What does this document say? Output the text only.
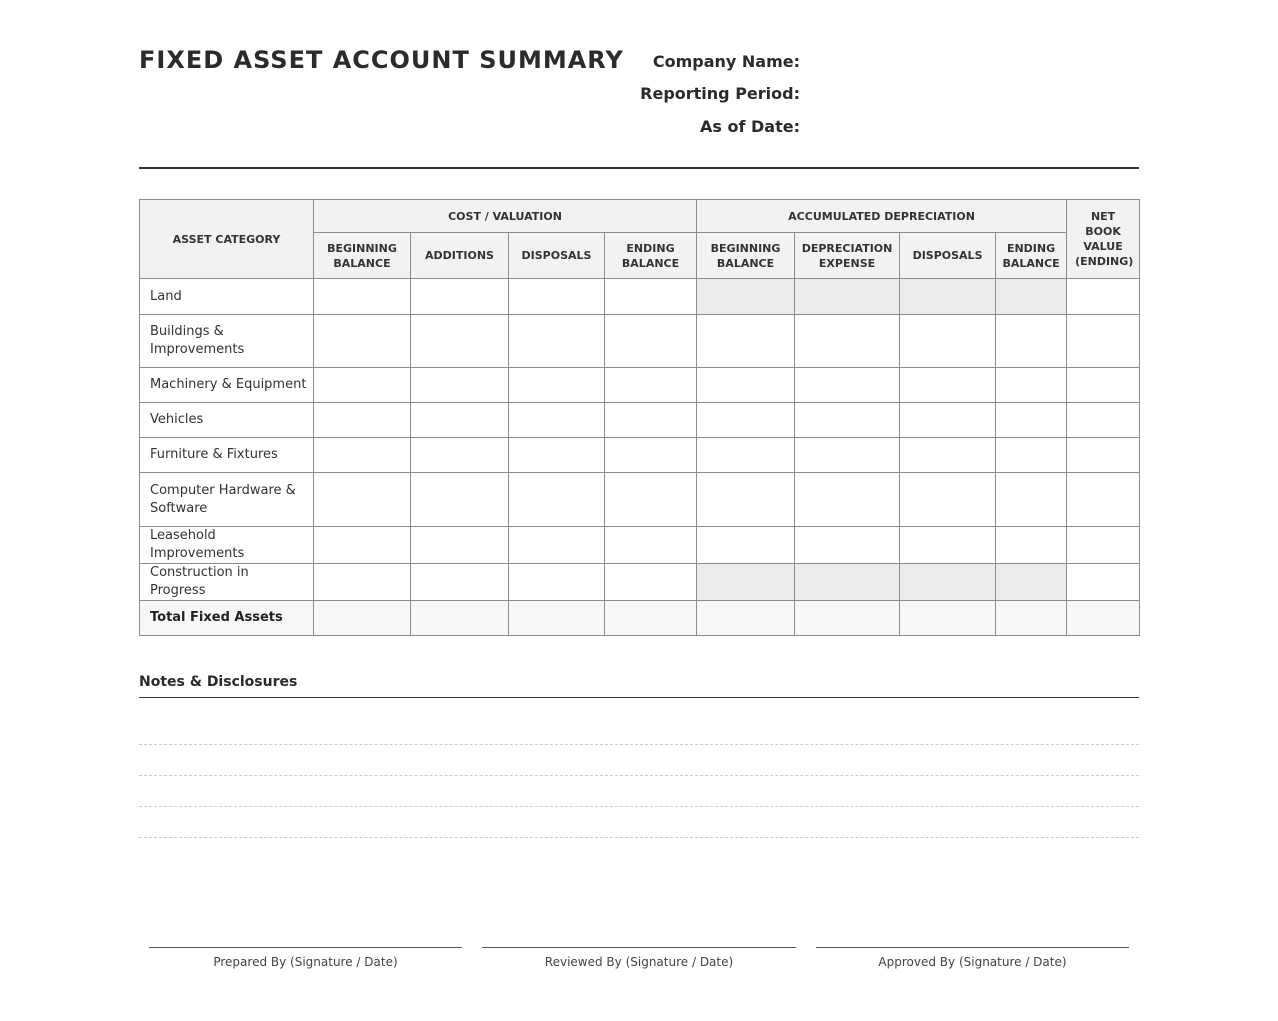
FIXED ASSET ACCOUNT SUMMARY Company Name:
Reporting Period:
As of Date:
ASSET CATEGORY	COST / VALUATION				ACCUMULATED DEPRECIATION				NET BOOK VALUE (ENDING)
	BEGINNING BALANCE	ADDITIONS	DISPOSALS	ENDING BALANCE	BEGINNING BALANCE	DEPRECIATION EXPENSE	DISPOSALS	ENDING BALANCE	
Land									
Buildings & Improvements									
Machinery & Equipment									
Vehicles									
Furniture & Fixtures									
Computer Hardware & Software									
Leasehold Improvements									
Construction in Progress									
Total Fixed Assets									
Notes & Disclosures
Prepared By (Signature / Date)	Reviewed By (Signature / Date)	Approved By (Signature / Date)
